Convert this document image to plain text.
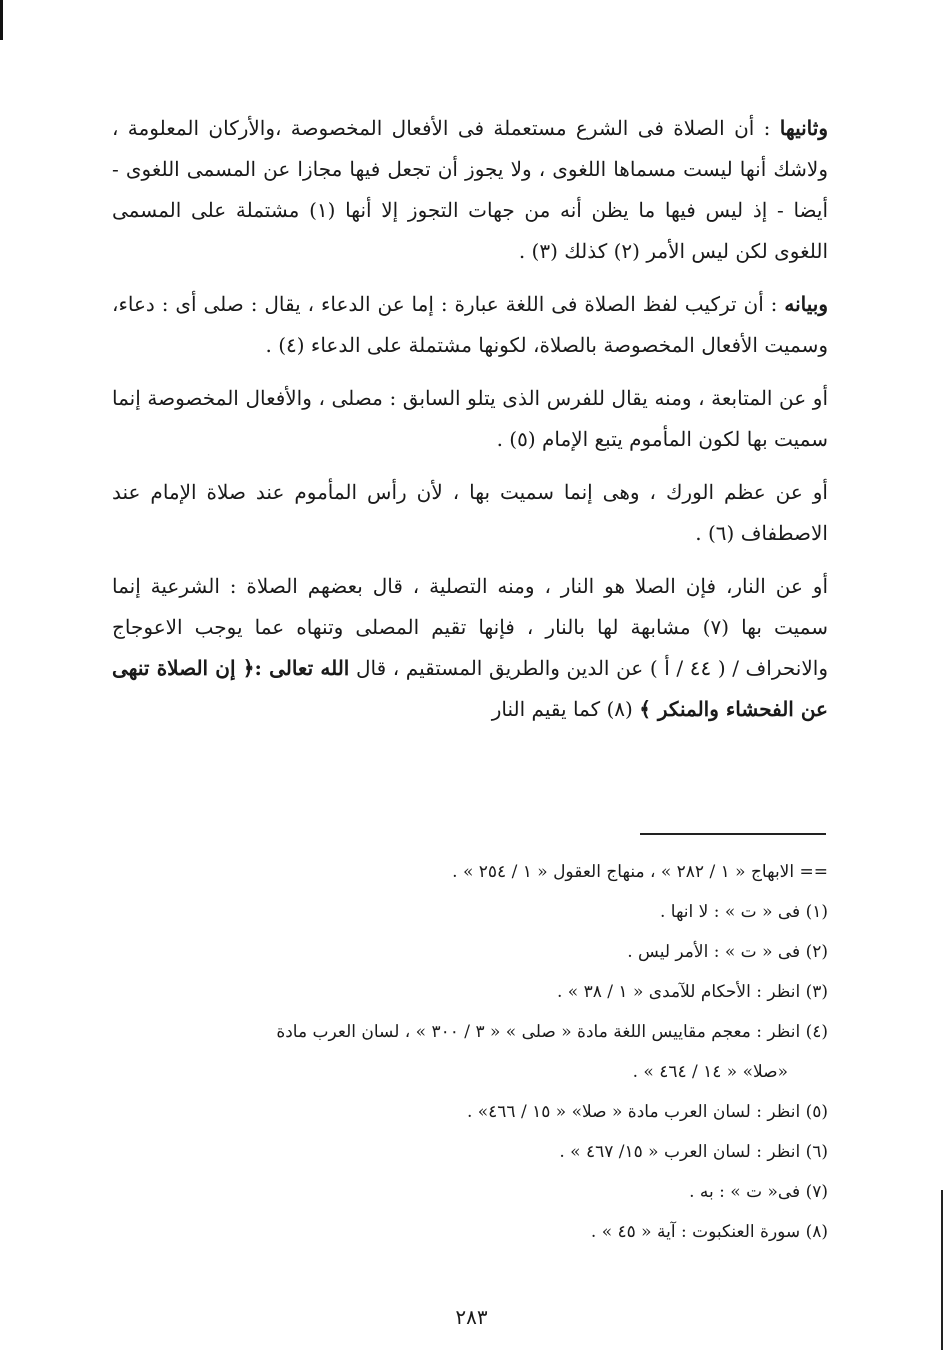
وثانيها : أن الصلاة فى الشرع مستعملة فى الأفعال المخصوصة ،والأركان المعلومة ، ولاشك أنها ليست مسماها اللغوى ، ولا يجوز أن تجعل فيها مجازا عن المسمى اللغوى - أيضا - إذ ليس فيها ما يظن أنه من جهات التجوز إلا أنها (١) مشتملة على المسمى اللغوى لكن ليس الأمر (٢) كذلك (٣) .

وبيانه : أن تركيب لفظ الصلاة فى اللغة عبارة : إما عن الدعاء ، يقال : صلى أى : دعاء، وسميت الأفعال المخصوصة بالصلاة، لكونها مشتملة على الدعاء (٤) .

أو عن المتابعة ، ومنه يقال للفرس الذى يتلو السابق : مصلى ، والأفعال المخصوصة إنما سميت بها لكون المأموم يتبع الإمام (٥) .

أو عن عظم الورك ، وهى إنما سميت بها ، لأن رأس المأموم عند صلاة الإمام عند الاصطفاف (٦) .

أو عن النار، فإن الصلا هو النار ، ومنه التصلية ، قال بعضهم الصلاة : الشرعية إنما سميت بها (٧) مشابهة لها بالنار ، فإنها تقيم المصلى وتنهاه عما يوجب الاعوجاج والانحراف / ( ٤٤ / أ ) عن الدين والطريق المستقيم ، قال الله تعالى :﴿ إن الصلاة تنهى عن الفحشاء والمنكر ﴾ (٨) كما يقيم النار

== الابهاج « ١ / ٢٨٢ » ، منهاج العقول « ١ / ٢٥٤ » .

(١) فى « ت » : لا انها .

(٢) فى « ت » : الأمر ليس .

(٣) انظر : الأحكام للآمدى « ١ / ٣٨ » .

(٤) انظر : معجم مقاييس اللغة مادة « صلى » « ٣ / ٣٠٠ » ، لسان العرب مادة

«صلا» « ١٤ / ٤٦٤ » .

(٥) انظر : لسان العرب مادة « صلا» « ١٥ / ٤٦٦» .

(٦) انظر : لسان العرب « ١٥/ ٤٦٧ » .

(٧) فى« ت » : به .

(٨) سورة العنكبوت : آية « ٤٥ » .

٢٨٣
